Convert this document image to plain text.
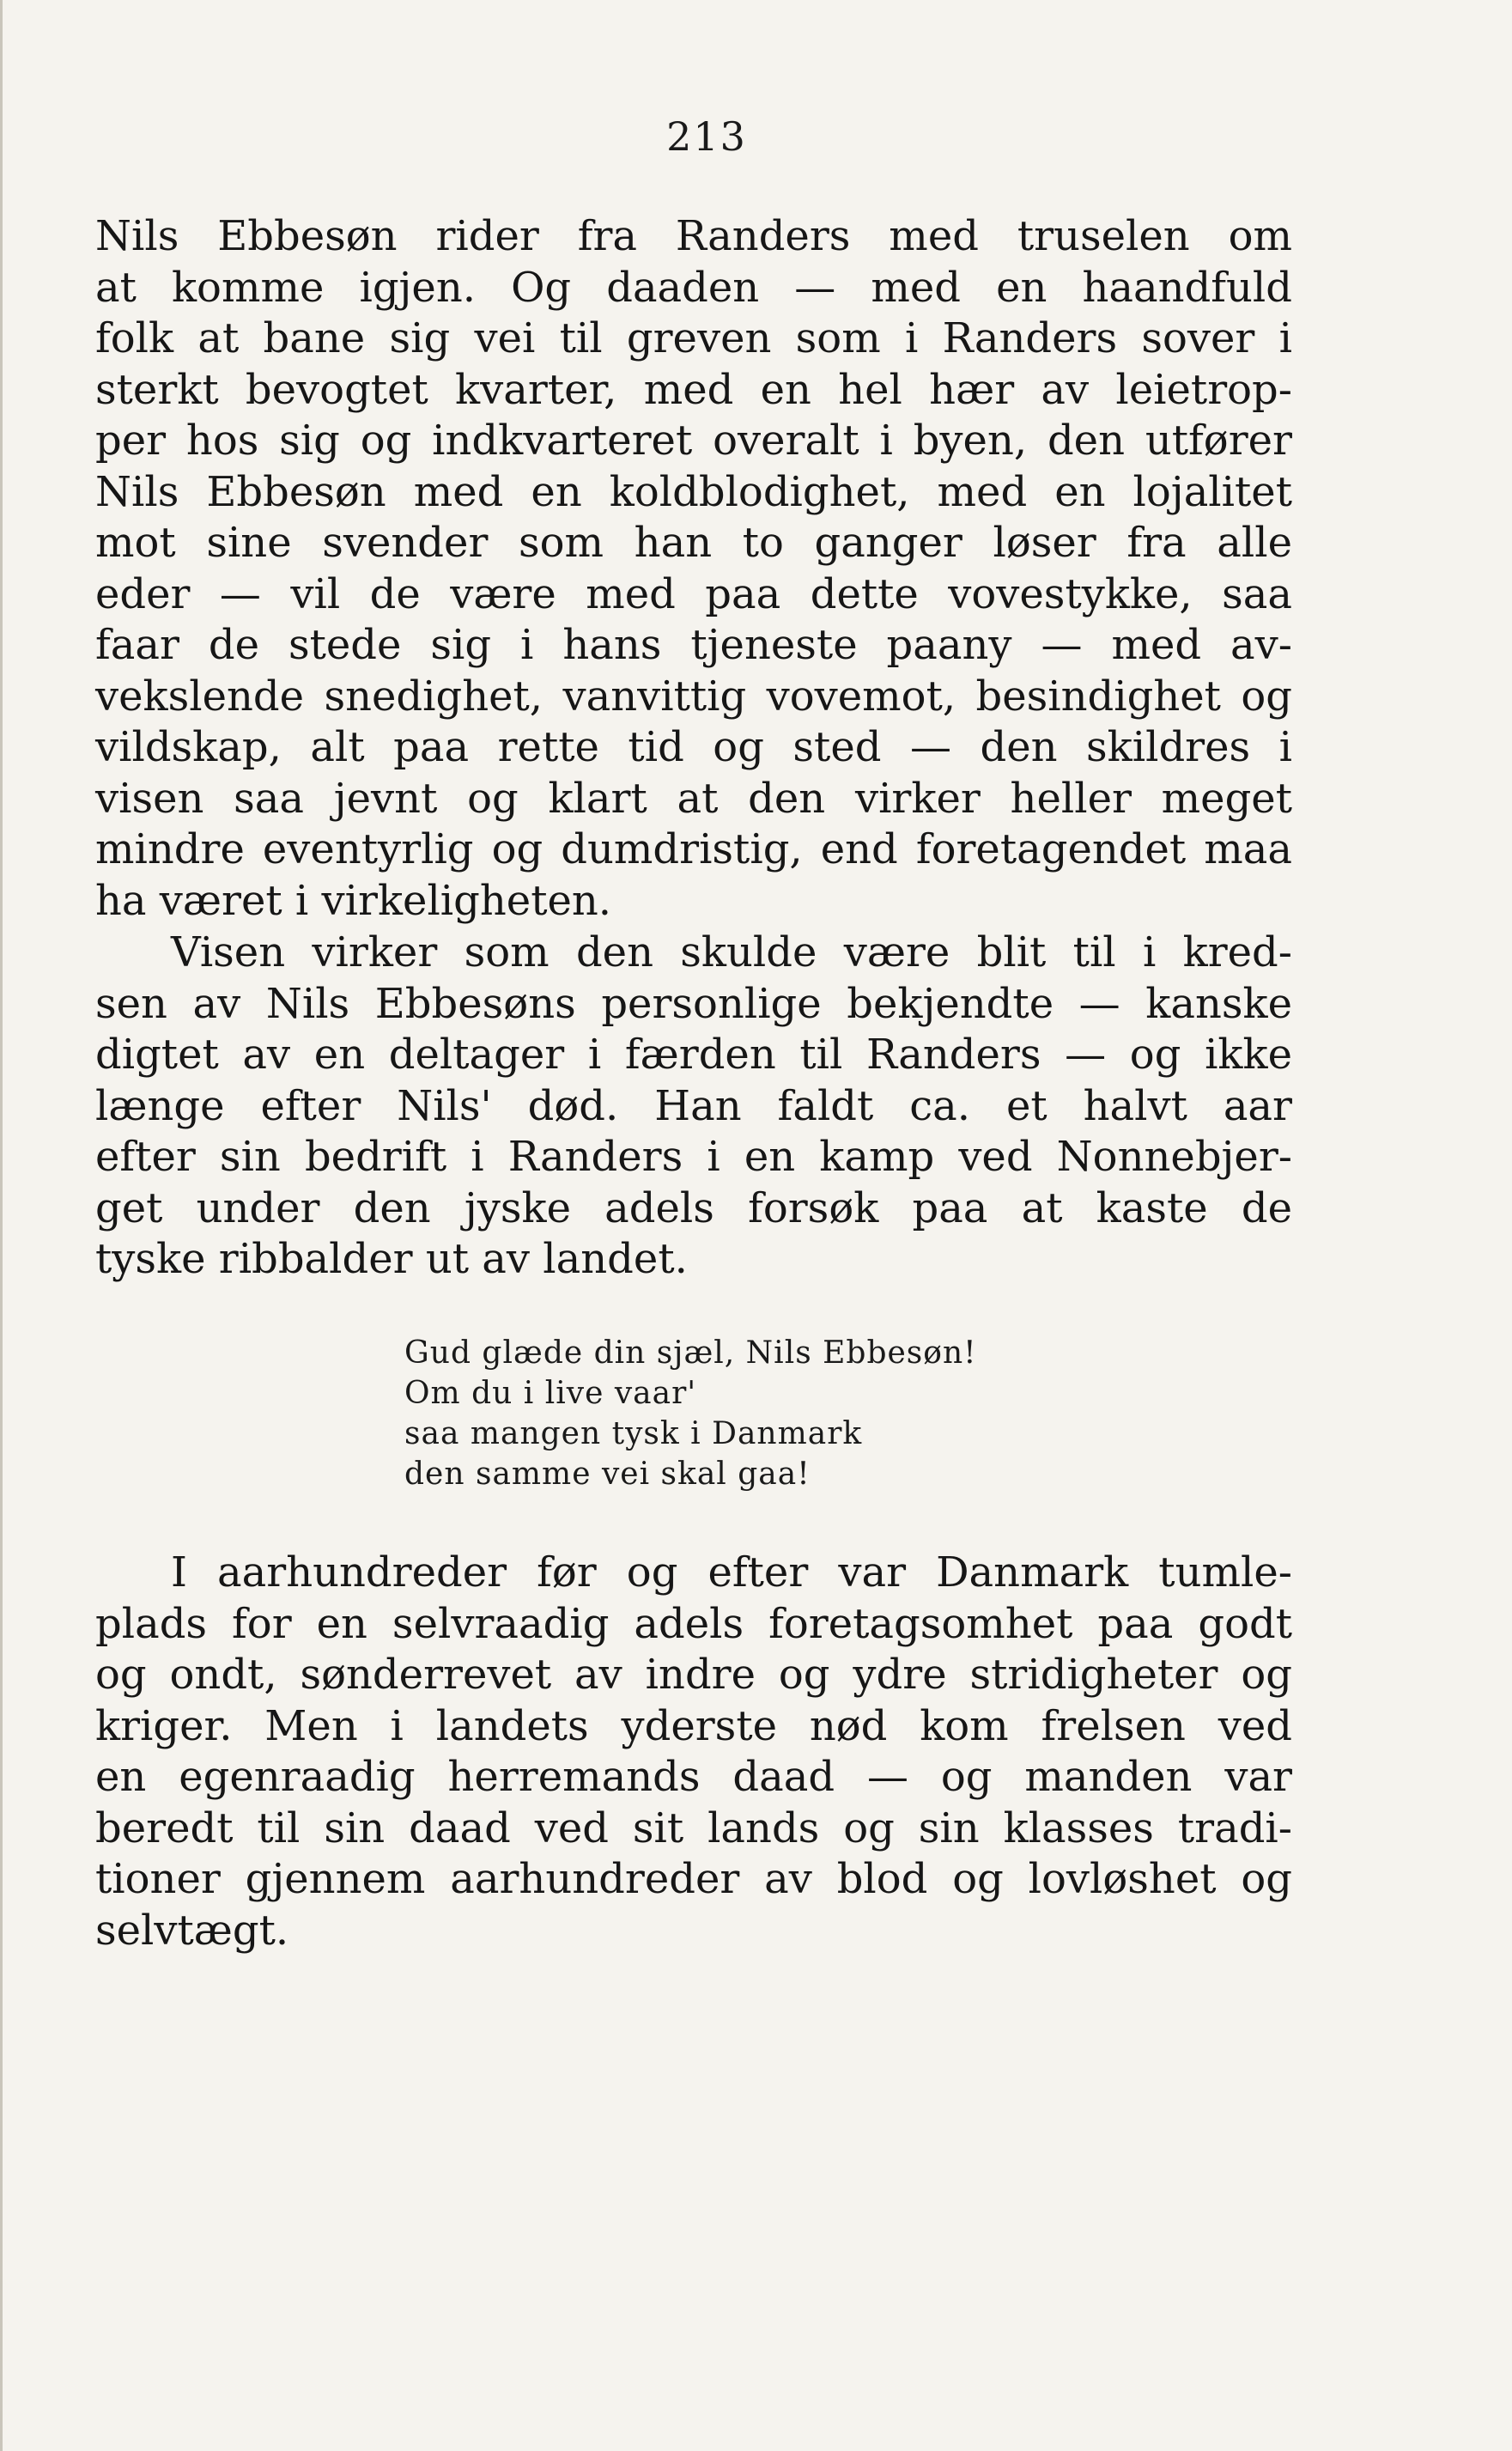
213
Nils Ebbesøn rider fra Randers med truselen om
at komme igjen. Og daaden — med en haandfuld
folk at bane sig vei til greven som i Randers sover i
sterkt bevogtet kvarter, med en hel hær av leietrop-
per hos sig og indkvarteret overalt i byen, den utfører
Nils Ebbesøn med en koldblodighet, med en lojalitet
mot sine svender som han to ganger løser fra alle
eder — vil de være med paa dette vovestykke, saa
faar de stede sig i hans tjeneste paany — med av-
vekslende snedighet, vanvittig vovemot, besindighet og
vildskap, alt paa rette tid og sted — den skildres i
visen saa jevnt og klart at den virker heller meget
mindre eventyrlig og dumdristig, end foretagendet maa
ha været i virkeligheten.
Visen virker som den skulde være blit til i kred-
sen av Nils Ebbesøns personlige bekjendte — kanske
digtet av en deltager i færden til Randers — og ikke
længe efter Nils' død. Han faldt ca. et halvt aar
efter sin bedrift i Randers i en kamp ved Nonnebjer-
get under den jyske adels forsøk paa at kaste de
tyske ribbalder ut av landet.
Gud glæde din sjæl, Nils Ebbesøn!
Om du i live vaar'
saa mangen tysk i Danmark
den samme vei skal gaa!
I aarhundreder før og efter var Danmark tumle-
plads for en selvraadig adels foretagsomhet paa godt
og ondt, sønderrevet av indre og ydre stridigheter og
kriger. Men i landets yderste nød kom frelsen ved
en egenraadig herremands daad — og manden var
beredt til sin daad ved sit lands og sin klasses tradi-
tioner gjennem aarhundreder av blod og lovløshet og
selvtægt.
